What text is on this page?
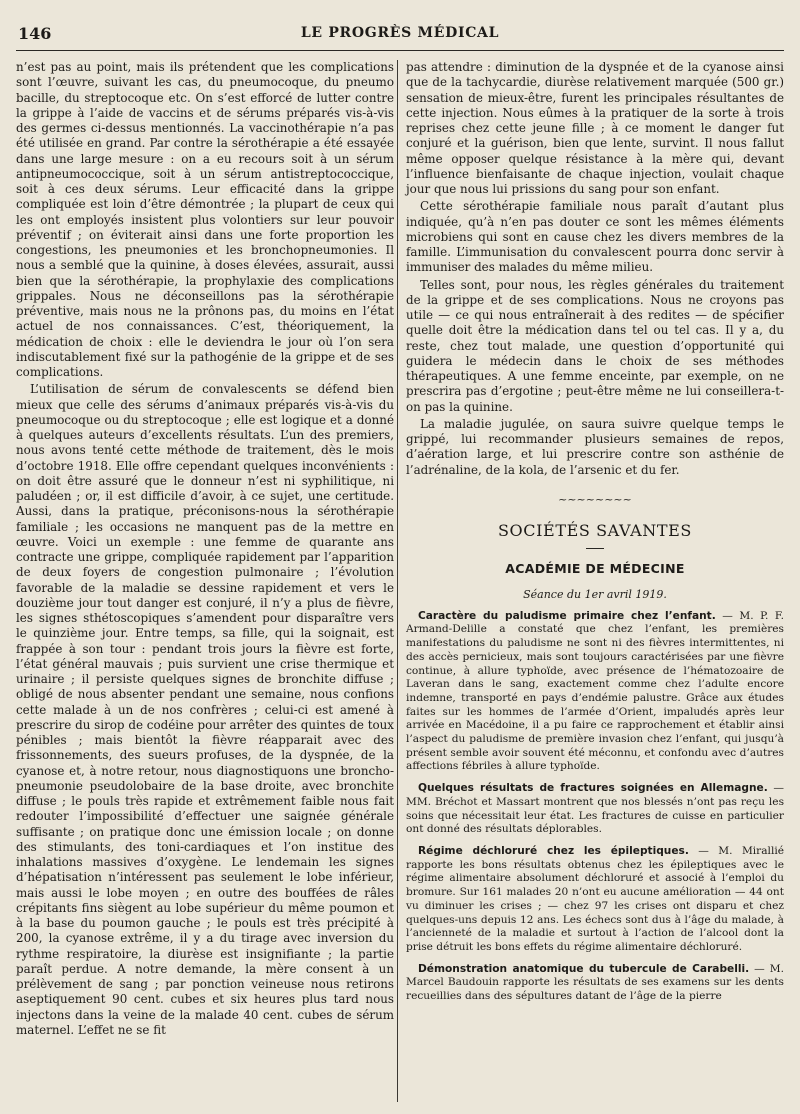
146	LE PROGRÈS MÉDICAL

n’est pas au point, mais ils prétendent que les complications sont l’œuvre, suivant les cas, du pneumocoque, du pneumo bacille, du streptocoque etc. On s’est efforcé de lutter contre la grippe à l’aide de vaccins et de sérums préparés vis-à-vis des germes ci-dessus mentionnés. La vaccinothérapie n’a pas été utilisée en grand. Par contre la sérothérapie a été essayée dans une large mesure : on a eu recours soit à un sérum antipneumococcique, soit à un sérum antistreptococcique, soit à ces deux sérums. Leur efficacité dans la grippe compliquée est loin d’être démontrée ; la plupart de ceux qui les ont employés insistent plus volontiers sur leur pouvoir préventif ; on éviterait ainsi dans une forte proportion les congestions, les pneumonies et les bronchopneumonies. Il nous a semblé que la quinine, à doses élevées, assurait, aussi bien que la sérothérapie, la prophylaxie des complications grippales. Nous ne déconseillons pas la sérothérapie préventive, mais nous ne la prônons pas, du moins en l’état actuel de nos connaissances. C’est, théoriquement, la médication de choix : elle le deviendra le jour où l’on sera indiscutablement fixé sur la pathogénie de la grippe et de ses complications.

L’utilisation de sérum de convalescents se défend bien mieux que celle des sérums d’animaux préparés vis-à-vis du pneumocoque ou du streptocoque ; elle est logique et a donné à quelques auteurs d’excellents résultats. L’un des premiers, nous avons tenté cette méthode de traitement, dès le mois d’octobre 1918. Elle offre cependant quelques inconvénients : on doit être assuré que le donneur n’est ni syphilitique, ni paludéen ; or, il est difficile d’avoir, à ce sujet, une certitude. Aussi, dans la pratique, préconisons-nous la sérothérapie familiale ; les occasions ne manquent pas de la mettre en œuvre. Voici un exemple : une femme de quarante ans contracte une grippe, compliquée rapidement par l’apparition de deux foyers de congestion pulmonaire ; l’évolution favorable de la maladie se dessine rapidement et vers le douzième jour tout danger est conjuré, il n’y a plus de fièvre, les signes sthétoscopiques s’amendent pour disparaître vers le quinzième jour. Entre temps, sa fille, qui la soignait, est frappée à son tour : pendant trois jours la fièvre est forte, l’état général mauvais ; puis survient une crise thermique et urinaire ; il persiste quelques signes de bronchite diffuse ; obligé de nous absenter pendant une semaine, nous confions cette malade à un de nos confrères ; celui-ci est amené à prescrire du sirop de codéine pour arrêter des quintes de toux pénibles ; mais bientôt la fièvre réapparait avec des frissonnements, des sueurs profuses, de la dyspnée, de la cyanose et, à notre retour, nous diagnostiquons une broncho-pneumonie pseudolobaire de la base droite, avec bronchite diffuse ; le pouls très rapide et extrêmement faible nous fait redouter l’impossibilité d’effectuer une saignée générale suffisante ; on pratique donc une émission locale ; on donne des stimulants, des toni-cardiaques et l’on institue des inhalations massives d’oxygène. Le lendemain les signes d’hépatisation n’intéressent pas seulement le lobe inférieur, mais aussi le lobe moyen ; en outre des bouffées de râles crépitants fins siègent au lobe supérieur du même poumon et à la base du poumon gauche ; le pouls est très précipité à 200, la cyanose extrême, il y a du tirage avec inversion du rythme respiratoire, la diurèse est insignifiante ; la partie paraît perdue. A notre demande, la mère consent à un prélèvement de sang ; par ponction veineuse nous retirons aseptiquement 90 cent. cubes et six heures plus tard nous injectons dans la veine de la malade 40 cent. cubes de sérum maternel. L’effet ne se fit

pas attendre : diminution de la dyspnée et de la cyanose ainsi que de la tachycardie, diurèse relativement marquée (500 gr.) sensation de mieux-être, furent les principales résultantes de cette injection. Nous eûmes à la pratiquer de la sorte à trois reprises chez cette jeune fille ; à ce moment le danger fut conjuré et la guérison, bien que lente, survint. Il nous fallut même opposer quelque résistance à la mère qui, devant l’influence bienfaisante de chaque injection, voulait chaque jour que nous lui prissions du sang pour son enfant.

Cette sérothérapie familiale nous paraît d’autant plus indiquée, qu’à n’en pas douter ce sont les mêmes éléments microbiens qui sont en cause chez les divers membres de la famille. L’immunisation du convalescent pourra donc servir à immuniser des malades du même milieu.

Telles sont, pour nous, les règles générales du traitement de la grippe et de ses complications. Nous ne croyons pas utile — ce qui nous entraînerait à des redites — de spécifier quelle doit être la médication dans tel ou tel cas. Il y a, du reste, chez tout malade, une question d’opportunité qui guidera le médecin dans le choix de ses méthodes thérapeutiques. A une femme enceinte, par exemple, on ne prescrira pas d’ergotine ; peut-être même ne lui conseillera-t-on pas la quinine.

La maladie jugulée, on saura suivre quelque temps le grippé, lui recommander plusieurs semaines de repos, d’aération large, et lui prescrire contre son asthénie de l’adrénaline, de la kola, de l’arsenic et du fer.

~~~~~~~~
SOCIÉTÉS SAVANTES
ACADÉMIE DE MÉDECINE
Séance du 1er avril 1919.

Caractère du paludisme primaire chez l’enfant. — M. P. F. Armand-Delille a constaté que chez l’enfant, les premières manifestations du paludisme ne sont ni des fièvres intermittentes, ni des accès pernicieux, mais sont toujours caractérisées par une fièvre continue, à allure typhoïde, avec présence de l’hématozoaire de Laveran dans le sang, exactement comme chez l’adulte encore indemne, transporté en pays d’endémie palustre. Grâce aux études faites sur les hommes de l’armée d’Orient, impaludés après leur arrivée en Macédoine, il a pu faire ce rapprochement et établir ainsi l’aspect du paludisme de première invasion chez l’enfant, qui jusqu’à présent semble avoir souvent été méconnu, et confondu avec d’autres affections fébriles à allure typhoïde.

Quelques résultats de fractures soignées en Allemagne. — MM. Bréchot et Massart montrent que nos blessés n’ont pas reçu les soins que nécessitait leur état. Les fractures de cuisse en particulier ont donné des résultats déplorables.

Régime déchloruré chez les épileptiques. — M. Mirallié rapporte les bons résultats obtenus chez les épileptiques avec le régime alimentaire absolument déchloruré et associé à l’emploi du bromure. Sur 161 malades 20 n’ont eu aucune amélioration — 44 ont vu diminuer les crises ; — chez 97 les crises ont disparu et chez quelques-uns depuis 12 ans. Les échecs sont dus à l’âge du malade, à l’ancienneté de la maladie et surtout à l’action de l’alcool dont la prise détruit les bons effets du régime alimentaire déchloruré.

Démonstration anatomique du tubercule de Carabelli. — M. Marcel Baudouin rapporte les résultats de ses examens sur les dents recueillies dans des sépultures datant de l’âge de la pierre
